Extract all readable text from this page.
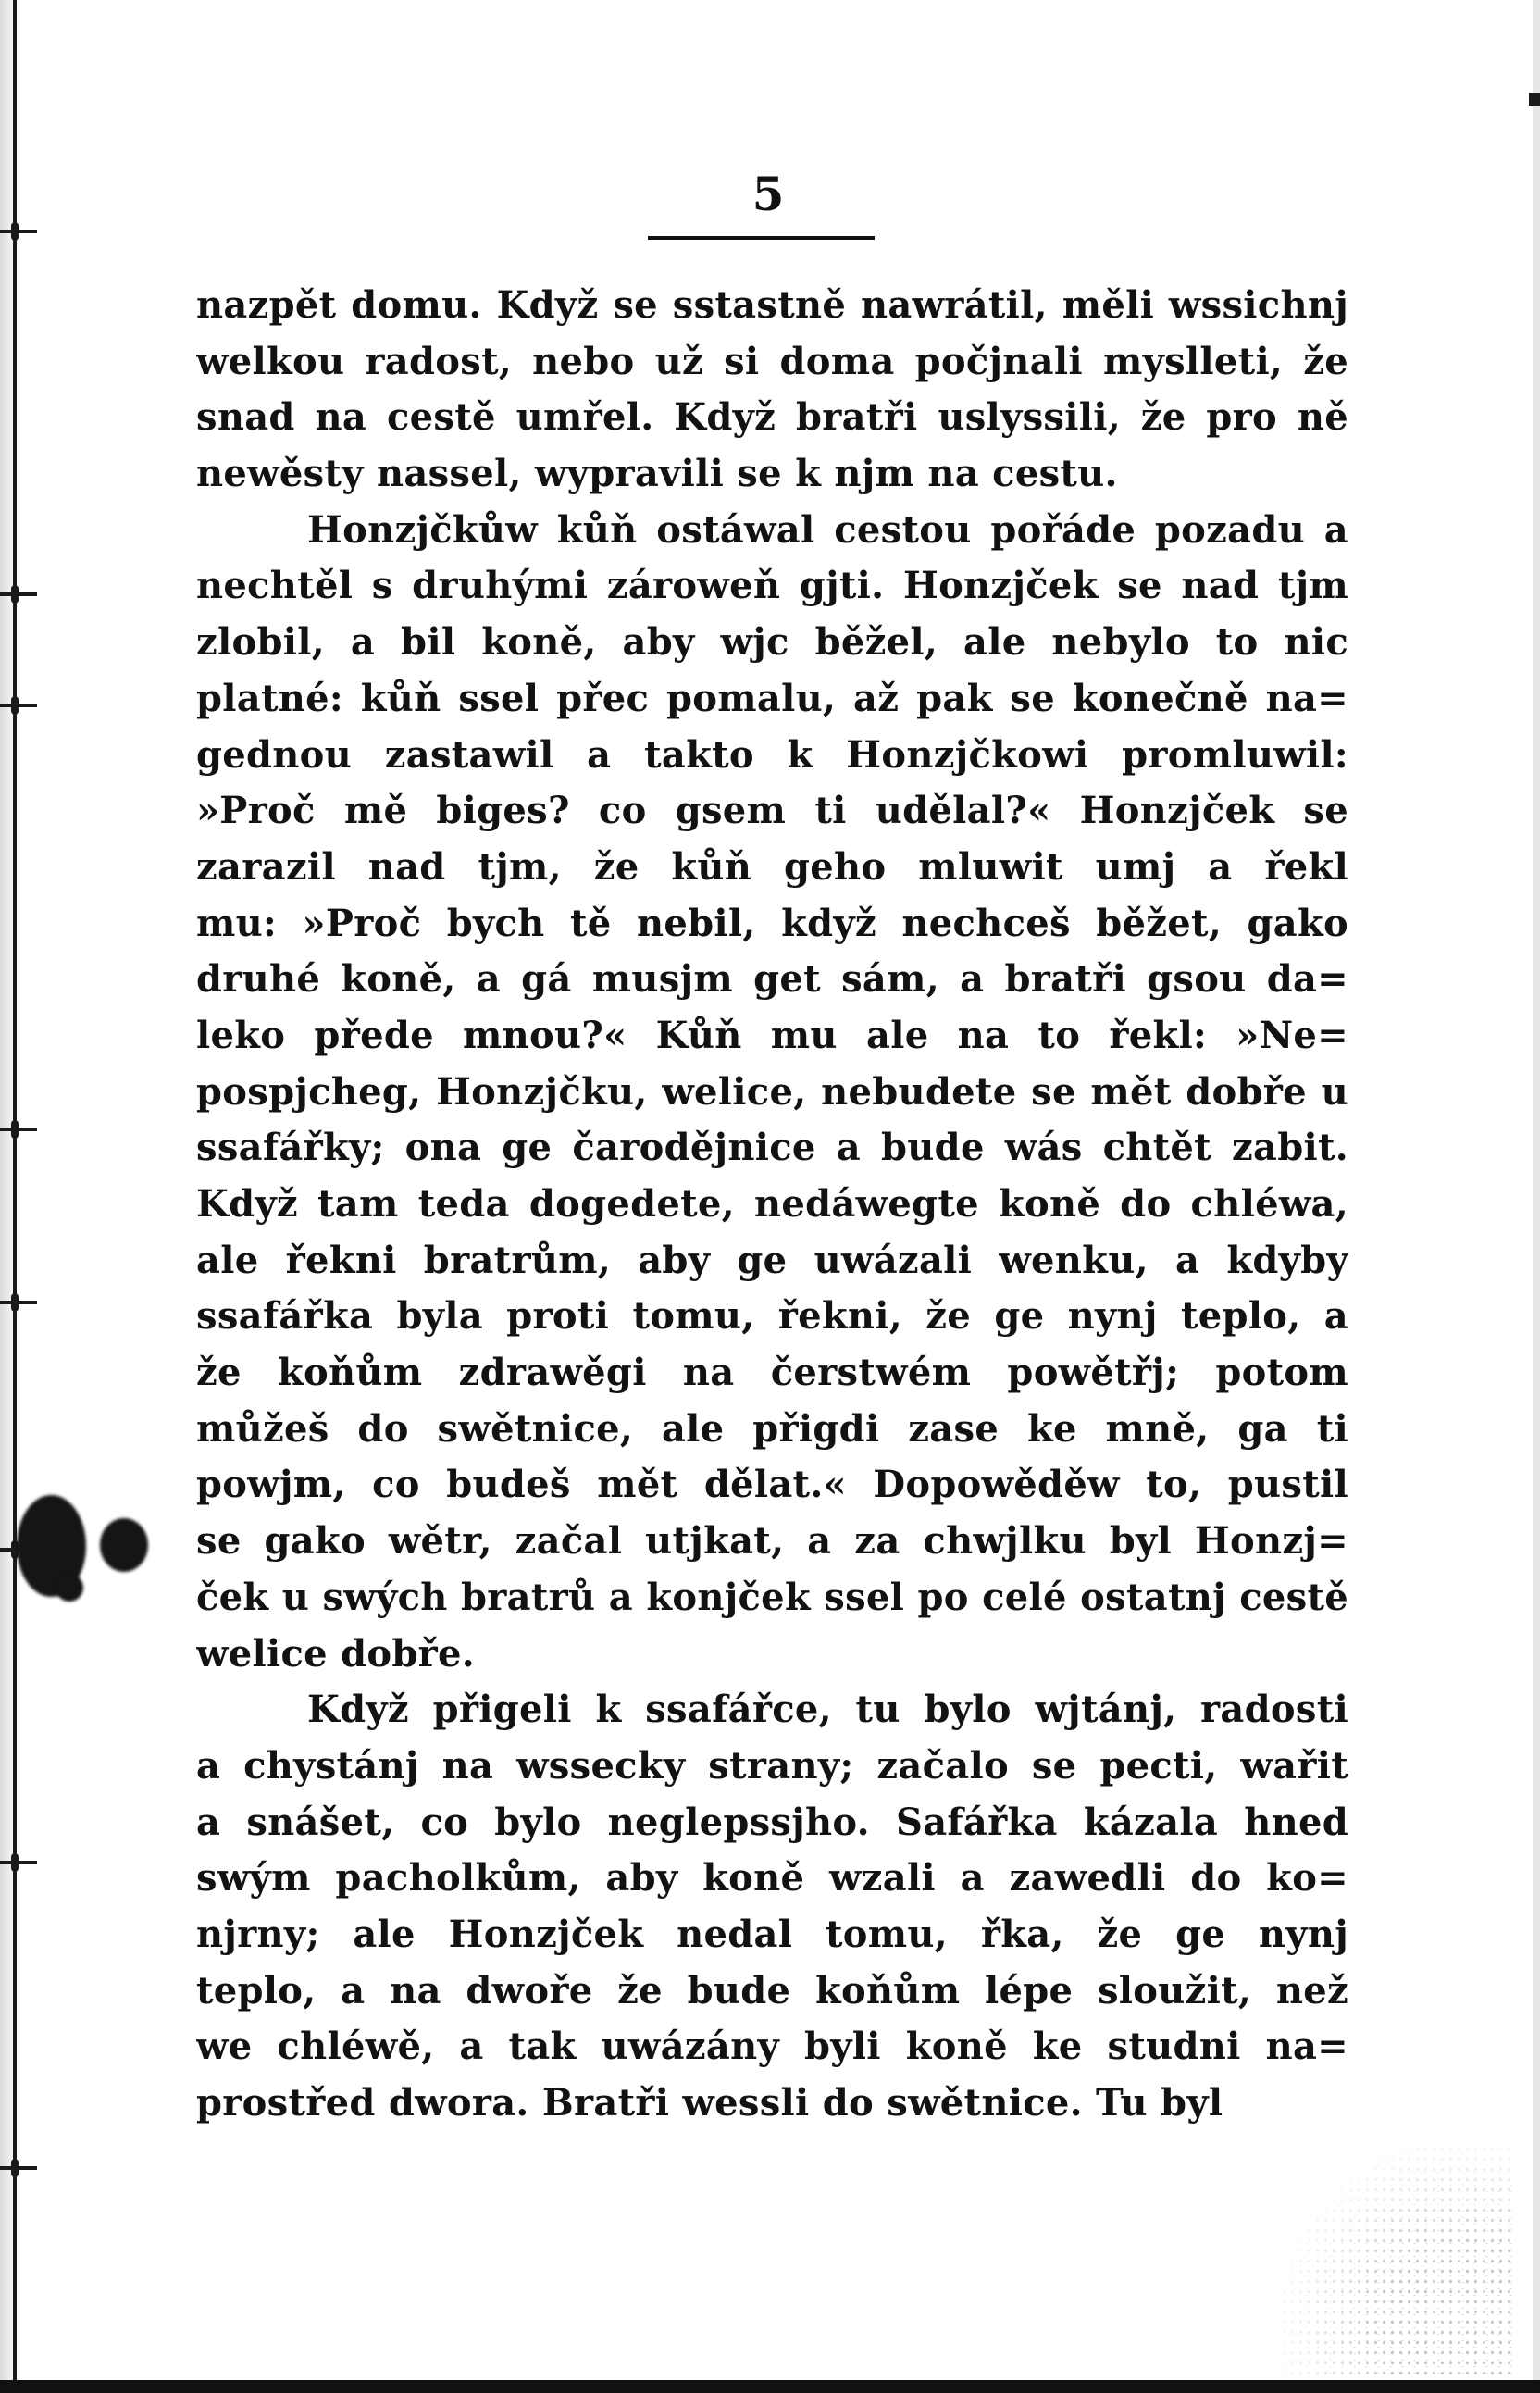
5
nazpět domu. Když se sstastně nawrátil, měli wssichnj
welkou radost, nebo už si doma počjnali myslleti, že
snad na cestě umřel. Když bratři uslyssili, že pro ně
newěsty nassel, wypravili se k njm na cestu.
Honzjčkůw kůň ostáwal cestou pořáde pozadu a
nechtěl s druhými zároweň gjti. Honzjček se nad tjm
zlobil, a bil koně, aby wjc běžel, ale nebylo to nic
platné: kůň ssel přec pomalu, až pak se konečně na=
gednou zastawil a takto k Honzjčkowi promluwil:
»Proč mě biges? co gsem ti udělal?« Honzjček se
zarazil nad tjm, že kůň geho mluwit umj a řekl
mu: »Proč bych tě nebil, když nechceš běžet, gako
druhé koně, a gá musjm get sám, a bratři gsou da=
leko přede mnou?« Kůň mu ale na to řekl: »Ne=
pospjcheg, Honzjčku, welice, nebudete se mět dobře u
ssafářky; ona ge čarodějnice a bude wás chtět zabit.
Když tam teda dogedete, nedáwegte koně do chléwa,
ale řekni bratrům, aby ge uwázali wenku, a kdyby
ssafářka byla proti tomu, řekni, že ge nynj teplo, a
že koňům zdrawěgi na čerstwém powětřj; potom
můžeš do swětnice, ale přigdi zase ke mně, ga ti
powjm, co budeš mět dělat.« Dopowěděw to, pustil
se gako wětr, začal utjkat, a za chwjlku byl Honzj=
ček u swých bratrů a konjček ssel po celé ostatnj cestě
welice dobře.
Když přigeli k ssafářce, tu bylo wjtánj, radosti
a chystánj na wssecky strany; začalo se pecti, wařit
a snášet, co bylo neglepssjho. Safářka kázala hned
swým pacholkům, aby koně wzali a zawedli do ko=
njrny; ale Honzjček nedal tomu, řka, že ge nynj
teplo, a na dwoře že bude koňům lépe sloužit, než
we chléwě, a tak uwázány byli koně ke studni na=
prostřed dwora. Bratři wessli do swětnice. Tu byl
